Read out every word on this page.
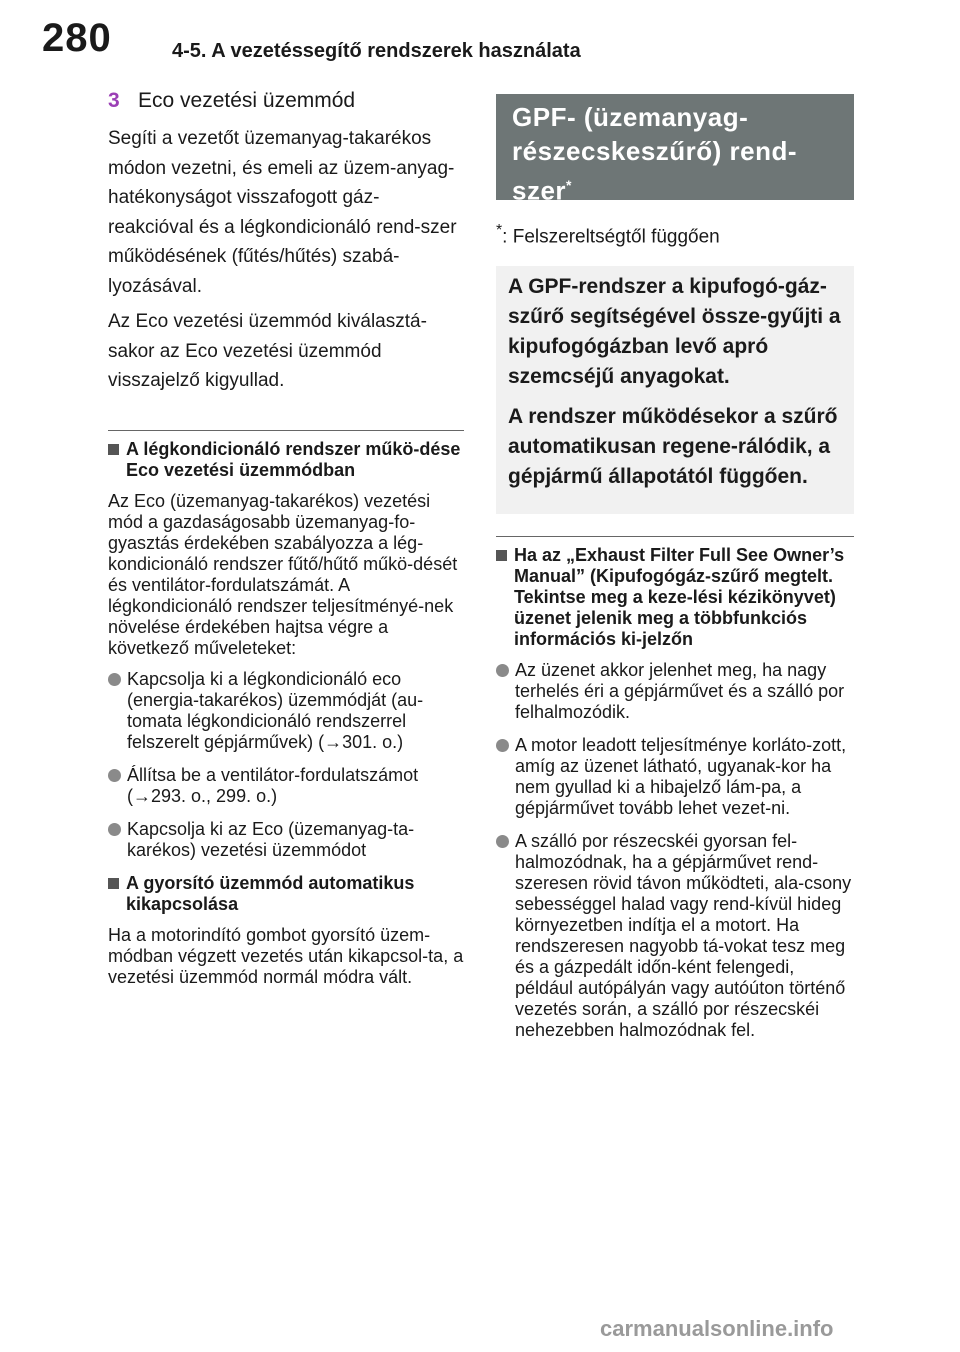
280	4-5. A vezetéssegítő rendszerek használata
3 Eco vezetési üzemmód

Segíti a vezetőt üzemanyag-takarékos módon vezetni, és emeli az üzem-anyag-hatékonyságot visszafogott gáz-reakcióval és a légkondicionáló rend-szer működésének (fűtés/hűtés) szabá-lyozásával.

Az Eco vezetési üzemmód kiválasztá-sakor az Eco vezetési üzemmód visszajelző kigyullad.

A légkondicionáló rendszer műkö-dése Eco vezetési üzemmódban

Az Eco (üzemanyag-takarékos) vezetési mód a gazdaságosabb üzemanyag-fo-gyasztás érdekében szabályozza a lég-kondicionáló rendszer fűtő/hűtő műkö-dését és ventilátor-fordulatszámát. A légkondicionáló rendszer teljesítményé-nek növelése érdekében hajtsa végre a következő műveleteket:

Kapcsolja ki a légkondicionáló eco (energia-takarékos) üzemmódját (au-tomata légkondicionáló rendszerrel felszerelt gépjárművek) (→301. o.)
Állítsa be a ventilátor-fordulatszámot (→293. o., 299. o.)
Kapcsolja ki az Eco (üzemanyag-ta-karékos) vezetési üzemmódot
A gyorsító üzemmód automatikus kikapcsolása

Ha a motorindító gombot gyorsító üzem-módban végzett vezetés után kikapcsol-ta, a vezetési üzemmód normál módra vált.

GPF- (üzemanyag-
részecskeszűrő) rend-
szer*
*: Felszereltségtől függően

A GPF-rendszer a kipufogó-gáz-szűrő segítségével össze-gyűjti a kipufogógázban levő apró szemcséjű anyagokat.

A rendszer működésekor a szűrő automatikusan regene-rálódik, a gépjármű állapotától függően.

Ha az „Exhaust Filter Full See Owner’s Manual” (Kipufogógáz-szűrő megtelt. Tekintse meg a keze-lési kézikönyvet) üzenet jelenik meg a többfunkciós információs ki-jelzőn
Az üzenet akkor jelenhet meg, ha nagy terhelés éri a gépjárművet és a szálló por felhalmozódik.
A motor leadott teljesítménye korláto-zott, amíg az üzenet látható, ugyanak-kor ha nem gyullad ki a hibajelző lám-pa, a gépjárművet tovább lehet vezet-ni.
A szálló por részecskéi gyorsan fel-halmozódnak, ha a gépjárművet rend-szeresen rövid távon működteti, ala-csony sebességgel halad vagy rend-kívül hideg környezetben indítja el a motort. Ha rendszeresen nagyobb tá-vokat tesz meg és a gázpedált időn-ként felengedi, például autópályán vagy autóúton történő vezetés során, a szálló por részecskéi nehezebben halmozódnak fel.
carmanualsonline.info
